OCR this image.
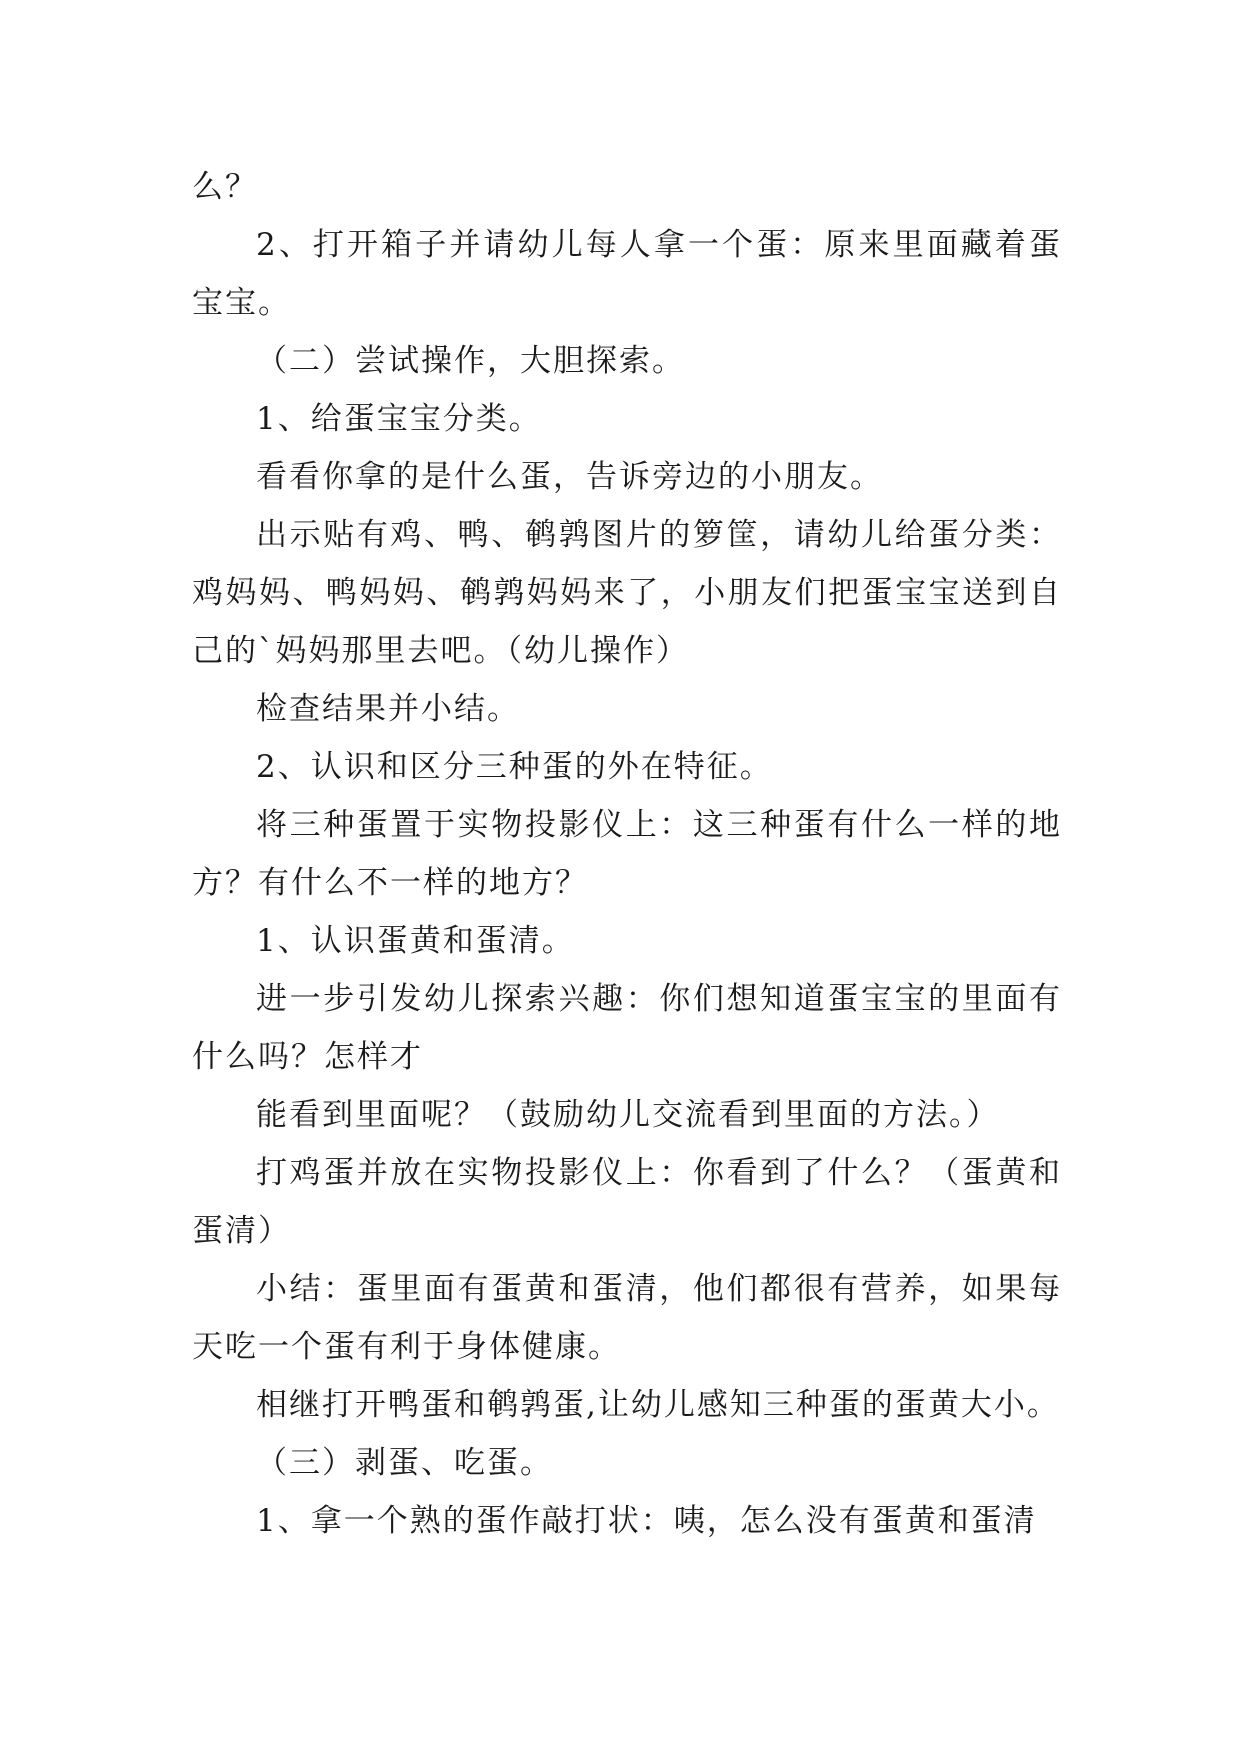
么？

2、打开箱子并请幼儿每人拿一个蛋：原来里面藏着蛋宝宝。

（二）尝试操作，大胆探索。

1、给蛋宝宝分类。

看看你拿的是什么蛋，告诉旁边的小朋友。

出示贴有鸡、鸭、鹌鹑图片的箩筐，请幼儿给蛋分类：鸡妈妈、鸭妈妈、鹌鹑妈妈来了，小朋友们把蛋宝宝送到自己的`妈妈那里去吧。（幼儿操作）

检查结果并小结。

2、认识和区分三种蛋的外在特征。

将三种蛋置于实物投影仪上：这三种蛋有什么一样的地方？有什么不一样的地方？

1、认识蛋黄和蛋清。

进一步引发幼儿探索兴趣：你们想知道蛋宝宝的里面有什么吗？怎样才

能看到里面呢？（鼓励幼儿交流看到里面的方法。）

打鸡蛋并放在实物投影仪上：你看到了什么？（蛋黄和蛋清）

小结：蛋里面有蛋黄和蛋清，他们都很有营养，如果每天吃一个蛋有利于身体健康。

相继打开鸭蛋和鹌鹑蛋,让幼儿感知三种蛋的蛋黄大小。

（三）剥蛋、吃蛋。

1、拿一个熟的蛋作敲打状：咦，怎么没有蛋黄和蛋清
